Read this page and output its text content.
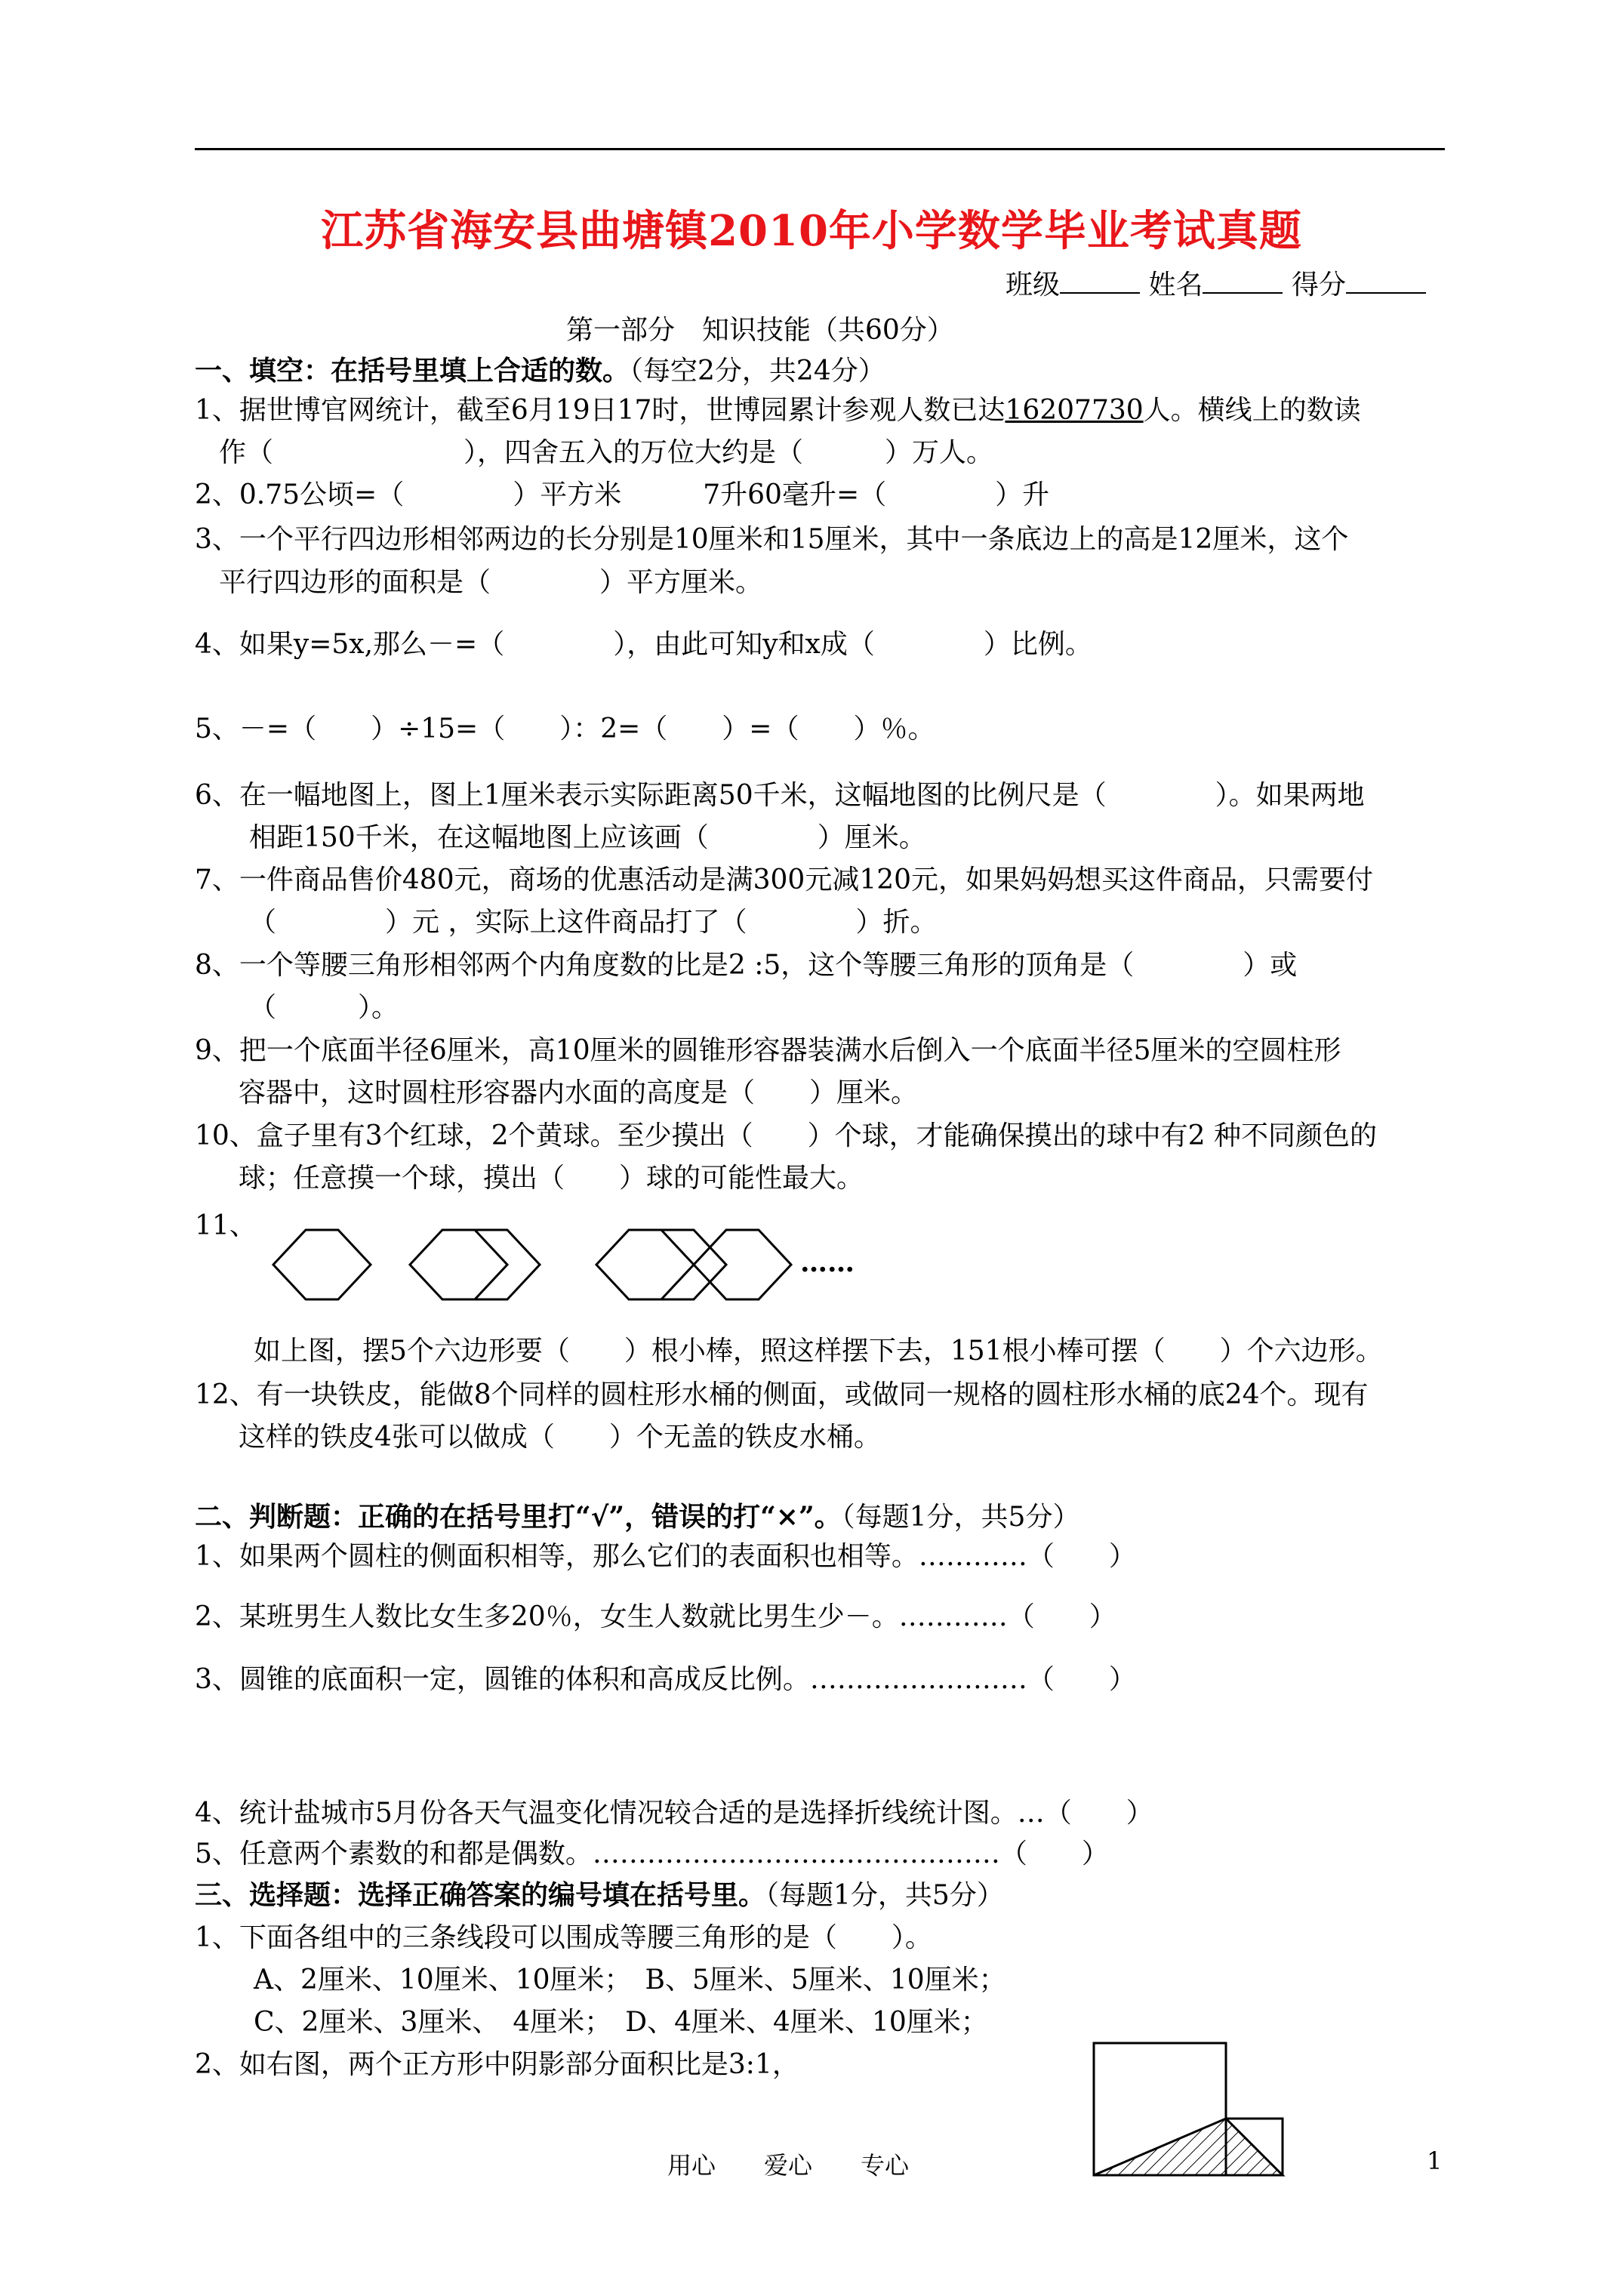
江苏省海安县曲塘镇2010年小学数学毕业考试真题
班级	姓名	得分
第一部分　知识技能（共60分）
一、填空：在括号里填上合适的数。（每空2分，共24分）
1、据世博官网统计，截至6月19日17时，世博园累计参观人数已达16207730人。横线上的数读
作（　　　　　　　），四舍五入的万位大约是（　　　）万人。
2、0.75公顷=（　　　　）平方米　　　7升60毫升=（　　　　）升
3、一个平行四边形相邻两边的长分别是10厘米和15厘米，其中一条底边上的高是12厘米，这个
平行四边形的面积是（　　　　）平方厘米。
4、如果y=5x,那么－=（　　　　），由此可知y和x成（　　　　）比例。
5、－=（　　）÷15=（　　）：2=（　　）=（　　）％。
6、在一幅地图上，图上1厘米表示实际距离50千米，这幅地图的比例尺是（　　　　）。如果两地
相距150千米，在这幅地图上应该画（　　　　）厘米。
7、一件商品售价480元，商场的优惠活动是满300元减120元，如果妈妈想买这件商品，只需要付
（　　　　）元 ，实际上这件商品打了（　　　　）折。
8、一个等腰三角形相邻两个内角度数的比是2 :5，这个等腰三角形的顶角是（　　　　）或
（　　　）。
9、把一个底面半径6厘米，高10厘米的圆锥形容器装满水后倒入一个底面半径5厘米的空圆柱形
容器中，这时圆柱形容器内水面的高度是（　　）厘米。
10、盒子里有3个红球，2个黄球。至少摸出（　　）个球，才能确保摸出的球中有2 种不同颜色的
球；任意摸一个球，摸出（　　）球的可能性最大。
11、
……
如上图，摆5个六边形要（　　）根小棒，照这样摆下去，151根小棒可摆（　　）个六边形。
12、有一块铁皮，能做8个同样的圆柱形水桶的侧面，或做同一规格的圆柱形水桶的底24个。现有
这样的铁皮4张可以做成（　　）个无盖的铁皮水桶。
二、判断题：正确的在括号里打“√”，错误的打“×”。（每题1分，共5分）
1、如果两个圆柱的侧面积相等，那么它们的表面积也相等。…………（　　）
2、某班男生人数比女生多20％，女生人数就比男生少－。…………（　　）
3、圆锥的底面积一定，圆锥的体积和高成反比例。……………………（　　）
4、统计盐城市5月份各天气温变化情况较合适的是选择折线统计图。…（　　）
5、任意两个素数的和都是偶数。………………………………………（　　）
三、选择题：选择正确答案的编号填在括号里。（每题1分，共5分）
1、下面各组中的三条线段可以围成等腰三角形的是（　　）。
A、2厘米、10厘米、10厘米；　B、5厘米、5厘米、10厘米；
C、2厘米、3厘米、　4厘米；　D、4厘米、4厘米、10厘米；
2、如右图，两个正方形中阴影部分面积比是3:1，
用心　　爱心　　专心	1
